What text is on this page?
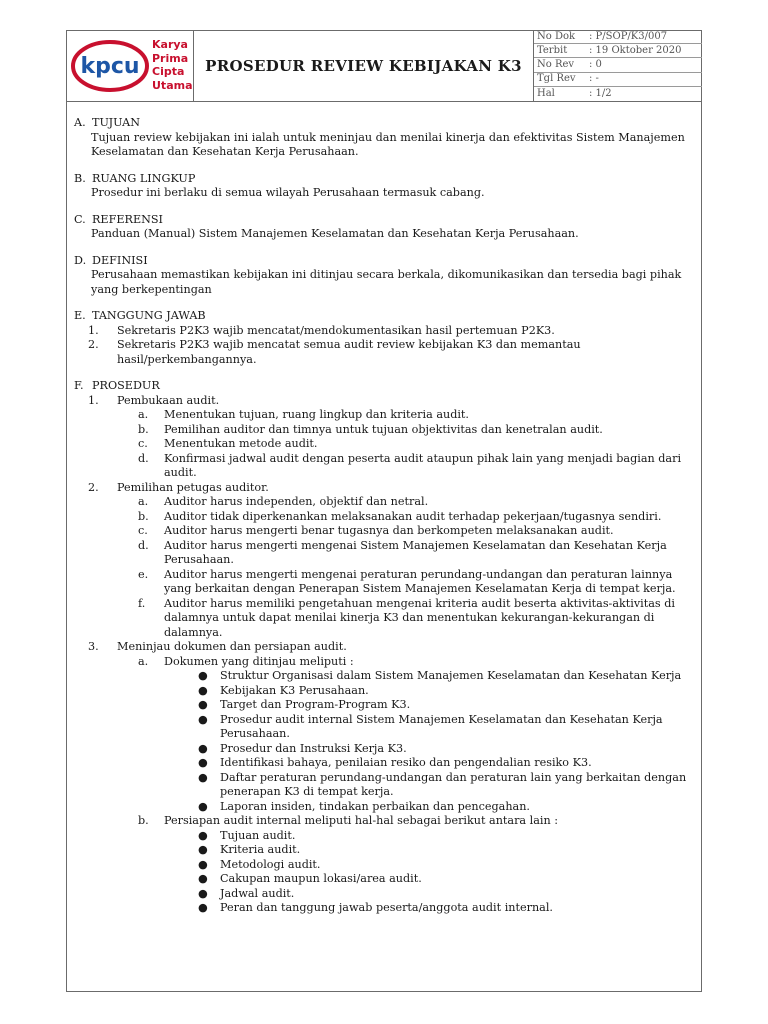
kpcu
Karya
Prima
Cipta
Utama
PROSEDUR REVIEW KEBIJAKAN K3
No Dok	: P/SOP/K3/007
Terbit	: 19 Oktober 2020
No Rev	: 0
Tgl Rev	: -
Hal	: 1/2
A. TUJUAN
Tujuan review kebijakan ini ialah untuk meninjau dan menilai kinerja dan efektivitas Sistem Manajemen Keselamatan dan Kesehatan Kerja Perusahaan.
B. RUANG LINGKUP
Prosedur ini berlaku di semua wilayah Perusahaan termasuk cabang.
C. REFERENSI
Panduan (Manual) Sistem Manajemen Keselamatan dan Kesehatan Kerja Perusahaan.
D. DEFINISI
Perusahaan memastikan kebijakan ini ditinjau secara berkala, dikomunikasikan dan tersedia bagi pihak yang berkepentingan
E. TANGGUNG JAWAB
1.	Sekretaris P2K3 wajib mencatat/mendokumentasikan hasil pertemuan P2K3.
2.	Sekretaris P2K3 wajib mencatat semua audit review kebijakan K3 dan memantau hasil/perkembangannya.
F. PROSEDUR
1.	Pembukaan audit.
a.	Menentukan tujuan, ruang lingkup dan kriteria audit.
b.	Pemilihan auditor dan timnya untuk tujuan objektivitas dan kenetralan audit.
c.	Menentukan metode audit.
d.	Konfirmasi jadwal audit dengan peserta audit ataupun pihak lain yang menjadi bagian dari audit.
2.	Pemilihan petugas auditor.
a.	Auditor harus independen, objektif dan netral.
b.	Auditor tidak diperkenankan melaksanakan audit terhadap pekerjaan/tugasnya sendiri.
c.	Auditor harus mengerti benar tugasnya dan berkompeten melaksanakan audit.
d.	Auditor harus mengerti mengenai Sistem Manajemen Keselamatan dan Kesehatan Kerja Perusahaan.
e.	Auditor harus mengerti mengenai peraturan perundang-undangan dan peraturan lainnya yang berkaitan dengan Penerapan Sistem Manajemen Keselamatan Kerja di tempat kerja.
f.	Auditor harus memiliki pengetahuan mengenai kriteria audit beserta aktivitas-aktivitas di dalamnya untuk dapat menilai kinerja K3 dan menentukan kekurangan-kekurangan di dalamnya.
3.	Meninjau dokumen dan persiapan audit.
a.	Dokumen yang ditinjau meliputi :
●	Struktur Organisasi dalam Sistem Manajemen Keselamatan dan Kesehatan Kerja
●	Kebijakan K3 Perusahaan.
●	Target dan Program-Program K3.
●	Prosedur audit internal Sistem Manajemen Keselamatan dan Kesehatan Kerja Perusahaan.
●	Prosedur dan Instruksi Kerja K3.
●	Identifikasi bahaya, penilaian resiko dan pengendalian resiko K3.
●	Daftar peraturan perundang-undangan dan peraturan lain yang berkaitan dengan penerapan K3 di tempat kerja.
●	Laporan insiden, tindakan perbaikan dan pencegahan.
b.	Persiapan audit internal meliputi hal-hal sebagai berikut antara lain :
●	Tujuan audit.
●	Kriteria audit.
●	Metodologi audit.
●	Cakupan maupun lokasi/area audit.
●	Jadwal audit.
●	Peran dan tanggung jawab peserta/anggota audit internal.
